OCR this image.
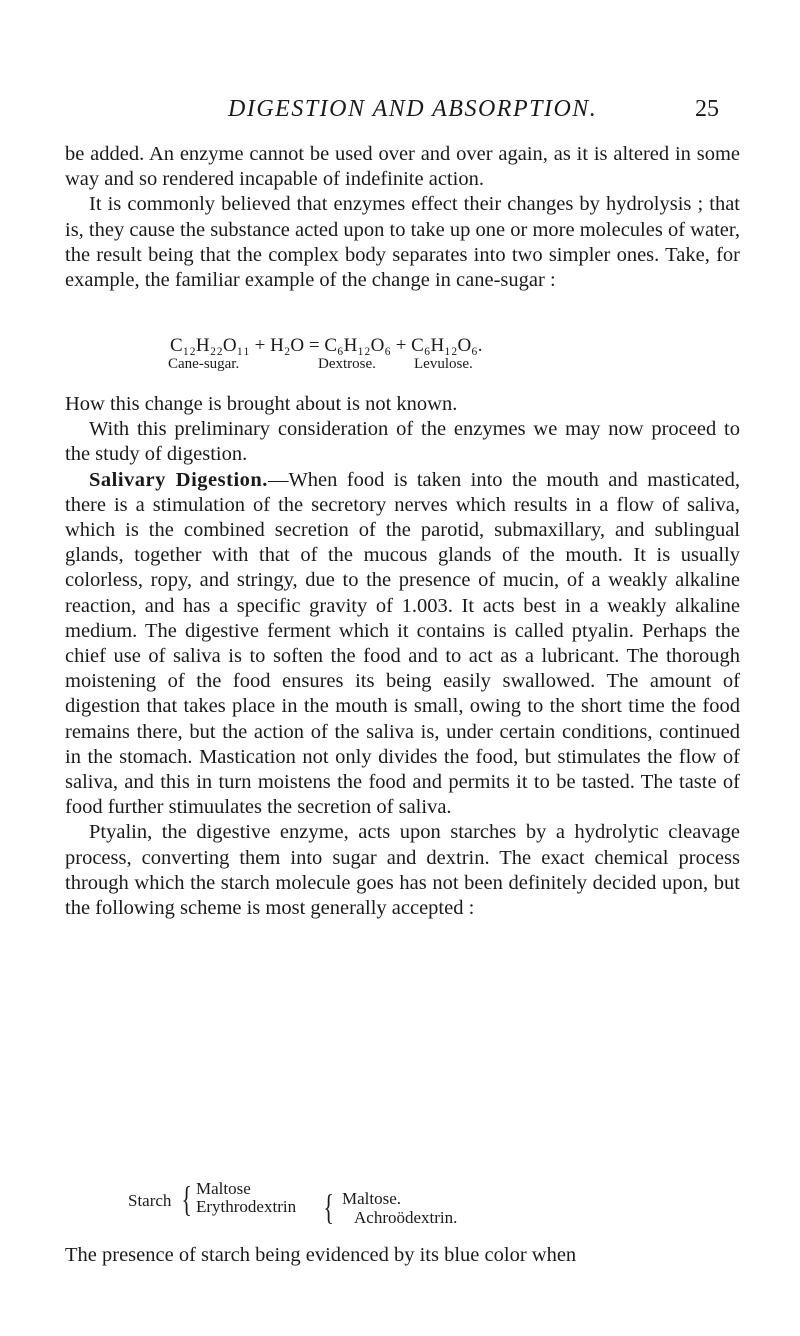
DIGESTION AND ABSORPTION.	25

be added. An enzyme cannot be used over and over again, as it is altered in some way and so rendered incapable of indefinite action.

It is commonly believed that enzymes effect their changes by hydrolysis ; that is, they cause the substance acted upon to take up one or more molecules of water, the result being that the complex body separates into two simpler ones. Take, for example, the familiar example of the change in cane-sugar :

C₁₂H₂₂O₁₁ + H₂O = C₆H₁₂O₆ + C₆H₁₂O₆.
Cane-sugar.	Dextrose.	Levulose.

How this change is brought about is not known.

With this preliminary consideration of the enzymes we may now proceed to the study of digestion.

Salivary Digestion.—When food is taken into the mouth and masticated, there is a stimulation of the secretory nerves which results in a flow of saliva, which is the combined secretion of the parotid, submaxillary, and sublingual glands, together with that of the mucous glands of the mouth. It is usually colorless, ropy, and stringy, due to the presence of mucin, of a weakly alkaline reaction, and has a specific gravity of 1.003. It acts best in a weakly alkaline medium. The digestive ferment which it contains is called ptyalin. Perhaps the chief use of saliva is to soften the food and to act as a lubricant. The thorough moistening of the food ensures its being easily swallowed. The amount of digestion that takes place in the mouth is small, owing to the short time the food remains there, but the action of the saliva is, under certain conditions, continued in the stomach. Mastication not only divides the food, but stimulates the flow of saliva, and this in turn moistens the food and permits it to be tasted. The taste of food further stimuulates the secretion of saliva.

Ptyalin, the digestive enzyme, acts upon starches by a hydrolytic cleavage process, converting them into sugar and dextrin. The exact chemical process through which the starch molecule goes has not been definitely decided upon, but the following scheme is most generally accepted :

Starch { Maltose
Erythrodextrin { Maltose.
Achroödextrin.
The presence of starch being evidenced by its blue color when
